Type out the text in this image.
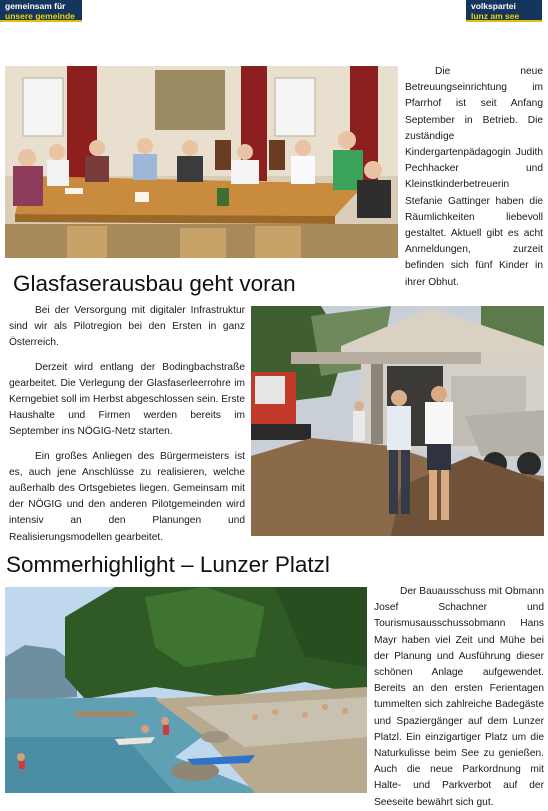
gemeinsam für
unsere gemeinde
volkspartei
lunz am see

Die neue Betreuungseinrichtung im Pfarrhof ist seit Anfang September in Betrieb. Die zuständige Kindergartenpädagogin Judith Pechhacker und Kleinstkinderbetreuerin Stefanie Gattinger haben die Räumlichkeiten liebevoll gestaltet. Aktuell gibt es acht Anmeldungen, zurzeit befinden sich fünf Kinder in ihrer Obhut.

Glasfaserausbau geht voran

Bei der Versorgung mit digitaler Infrastruktur sind wir als Pilotregion bei den Ersten in ganz Österreich.

Derzeit wird entlang der Bodingbachstraße gearbeitet. Die Verlegung der Glasfaserleerrohre im Kerngebiet soll im Herbst abgeschlossen sein. Erste Haushalte und Firmen werden bereits im September ins NÖGIG-Netz starten.

Ein großes Anliegen des Bürgermeisters ist es, auch jene Anschlüsse zu realisieren, welche außerhalb des Ortsgebietes liegen. Gemeinsam mit der NÖGIG und den anderen Pilotgemeinden wird intensiv an den Planungen und Realisierungsmodellen gearbeitet.

Sommerhighlight – Lunzer Platzl

Der Bauausschuss mit Obmann Josef Schachner und Tourismusausschussobmann Hans Mayr haben viel Zeit und Mühe bei der Planung und Ausführung dieser schönen Anlage aufgewendet. Bereits an den ersten Ferientagen tummelten sich zahlreiche Badegäste und Spaziergänger auf dem Lunzer Platzl. Ein einzigartiger Platz um die Naturkulisse beim See zu genießen. Auch die neue Parkordnung mit Halte- und Parkverbot auf der Seeseite bewährt sich gut.
